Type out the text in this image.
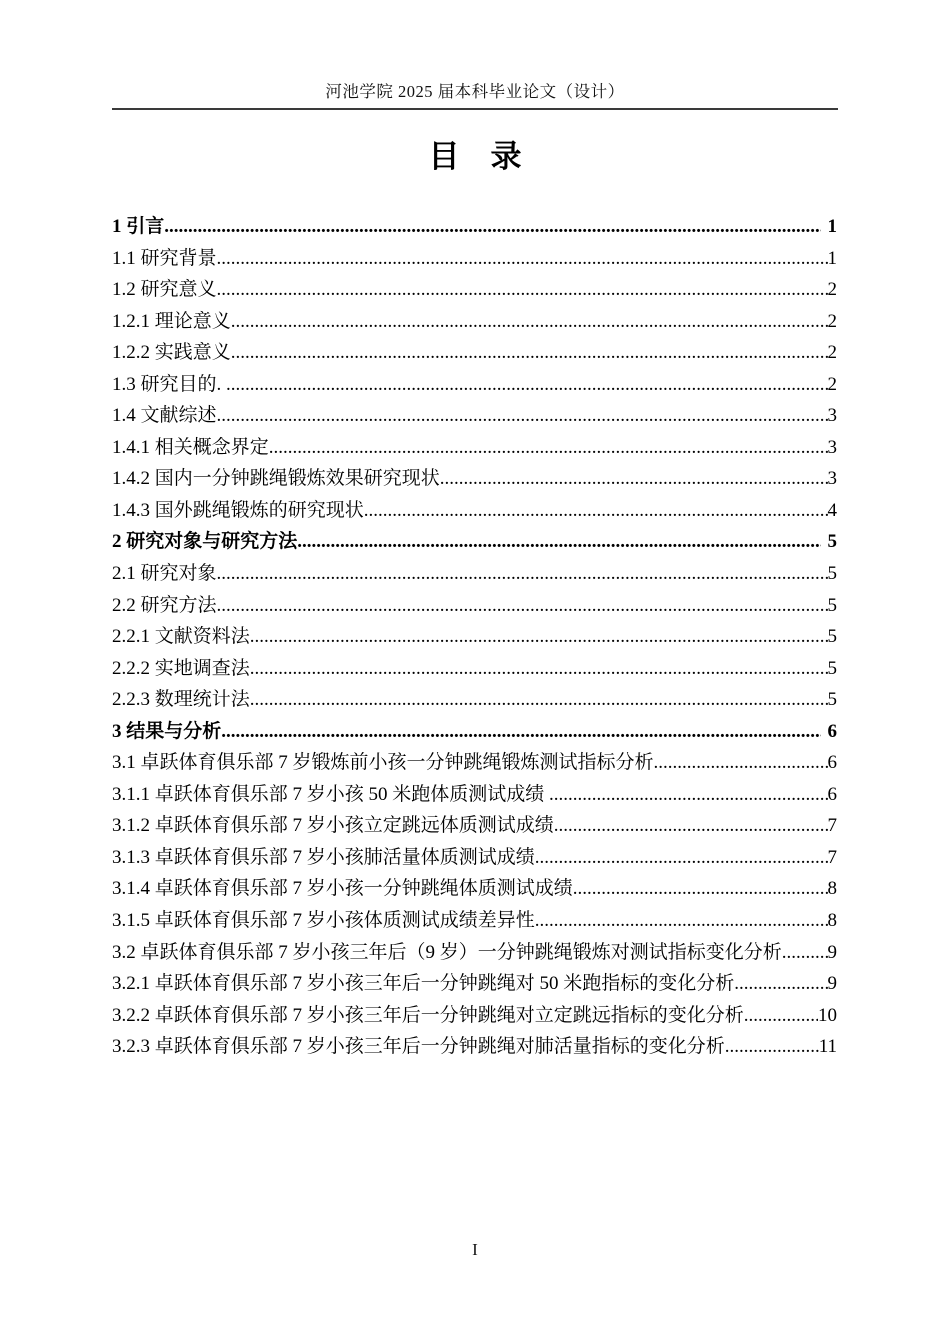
河池学院 2025 届本科毕业论文（设计）
目　录
1 引言 .....	1
1.1 研究背景 .....	1
1.2 研究意义 .....	2
1.2.1 理论意义 .....	2
1.2.2 实践意义 .....	2
1.3 研究目的. .....	2
1.4 文献综述 .....	3
1.4.1 相关概念界定 .....	3
1.4.2 国内一分钟跳绳锻炼效果研究现状 .....	3
1.4.3 国外跳绳锻炼的研究现状 .....	4
2 研究对象与研究方法 .....	5
2.1 研究对象 .....	5
2.2 研究方法 .....	5
2.2.1 文献资料法 .....	5
2.2.2 实地调查法 .....	5
2.2.3 数理统计法 .....	5
3 结果与分析 .....	6
3.1 卓跃体育俱乐部 7 岁锻炼前小孩一分钟跳绳锻炼测试指标分析 .....	6
3.1.1 卓跃体育俱乐部 7 岁小孩 50 米跑体质测试成绩 .....	6
3.1.2 卓跃体育俱乐部 7 岁小孩立定跳远体质测试成绩 .....	7
3.1.3 卓跃体育俱乐部 7 岁小孩肺活量体质测试成绩 .....	7
3.1.4 卓跃体育俱乐部 7 岁小孩一分钟跳绳体质测试成绩 .....	8
3.1.5 卓跃体育俱乐部 7 岁小孩体质测试成绩差异性 .....	8
3.2 卓跃体育俱乐部 7 岁小孩三年后（9 岁）一分钟跳绳锻炼对测试指标变化分析 ..... 9
3.2.1 卓跃体育俱乐部 7 岁小孩三年后一分钟跳绳对 50 米跑指标的变化分析 .....	9
3.2.2 卓跃体育俱乐部 7 岁小孩三年后一分钟跳绳对立定跳远指标的变化分析 .....	10
3.2.3 卓跃体育俱乐部 7 岁小孩三年后一分钟跳绳对肺活量指标的变化分析 .....	11
I
